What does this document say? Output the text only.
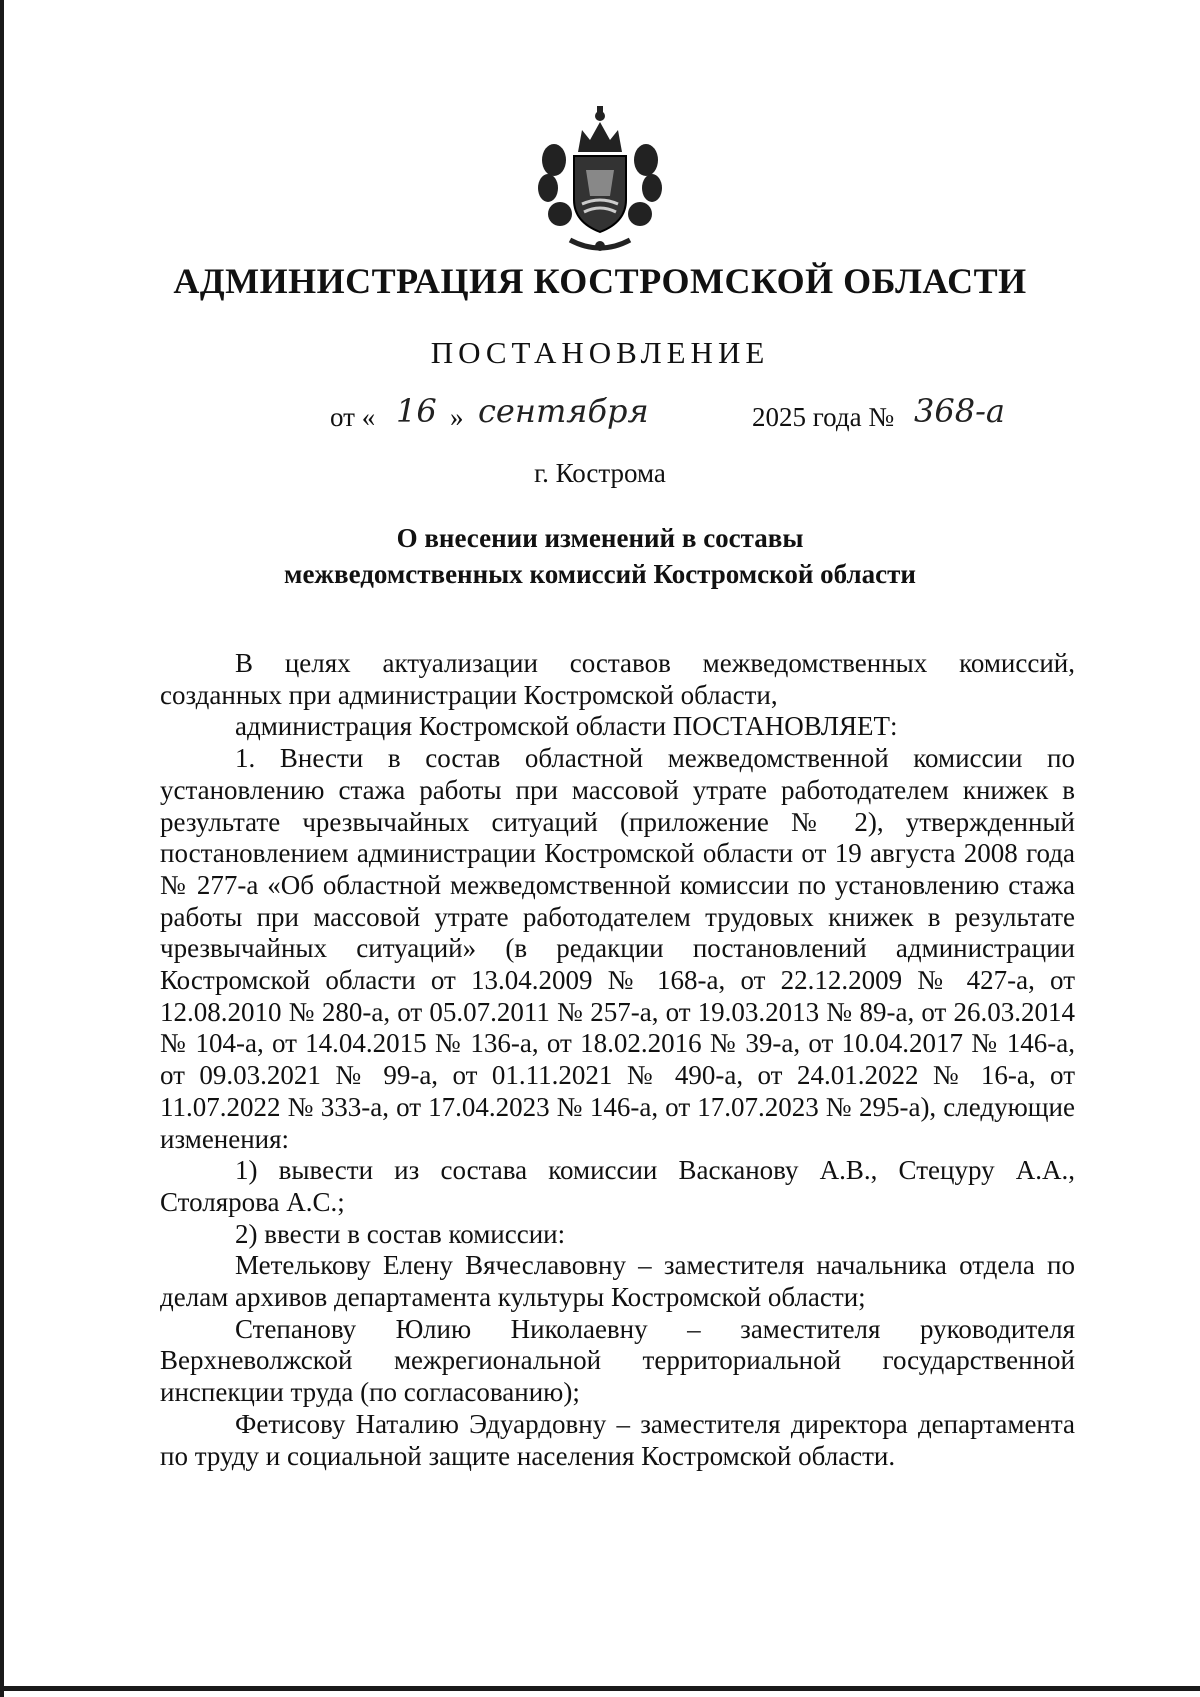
АДМИНИСТРАЦИЯ КОСТРОМСКОЙ ОБЛАСТИ
ПОСТАНОВЛЕНИЕ
от « 16 » сентября	2025 года № 368-а
г. Кострома
О внесении изменений в составы
межведомственных комиссий Костромской области

В целях актуализации составов межведомственных комиссий, созданных при администрации Костромской области,

администрация Костромской области ПОСТАНОВЛЯЕТ:

1. Внести в состав областной межведомственной комиссии по установлению стажа работы при массовой утрате работодателем книжек в результате чрезвычайных ситуаций (приложение № 2), утвержденный постановлением администрации Костромской области от 19 августа 2008 года № 277-а «Об областной межведомственной комиссии по установлению стажа работы при массовой утрате работодателем трудовых книжек в результате чрезвычайных ситуаций» (в редакции постановлений администрации Костромской области от 13.04.2009 № 168-а, от 22.12.2009 № 427-а, от 12.08.2010 № 280-а, от 05.07.2011 № 257-а, от 19.03.2013 № 89-а, от 26.03.2014 № 104-а, от 14.04.2015 № 136-а, от 18.02.2016 № 39-а, от 10.04.2017 № 146-а, от 09.03.2021 № 99-а, от 01.11.2021 № 490-а, от 24.01.2022 № 16-а, от 11.07.2022 № 333-а, от 17.04.2023 № 146-а, от 17.07.2023 № 295-а), следующие изменения:

1) вывести из состава комиссии Васканову А.В., Стецуру А.А., Столярова А.С.;

2) ввести в состав комиссии:

Метелькову Елену Вячеславовну – заместителя начальника отдела по делам архивов департамента культуры Костромской области;

Степанову Юлию Николаевну – заместителя руководителя Верхневолжской межрегиональной территориальной государственной инспекции труда (по согласованию);

Фетисову Наталию Эдуардовну – заместителя директора департамента по труду и социальной защите населения Костромской области.
